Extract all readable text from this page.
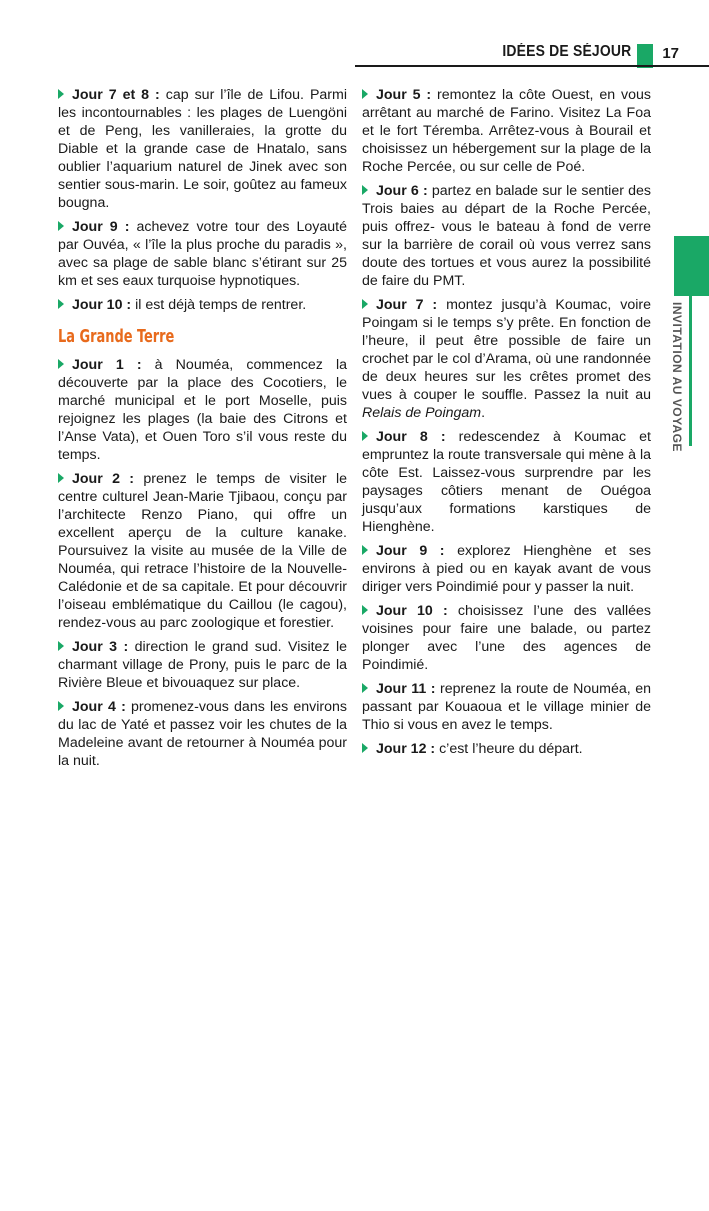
IDÉES DE SÉJOUR 17
INVITATION AU VOYAGE

Jour 7 et 8 : cap sur l’île de Lifou. Parmi les incontournables : les plages de Luengöni et de Peng, les vanilleraies, la grotte du Diable et la grande case de Hnatalo, sans oublier l’aquarium naturel de Jinek avec son sentier sous-marin. Le soir, goûtez au fameux bougna.

Jour 9 : achevez votre tour des Loyauté par Ouvéa, « l’île la plus proche du paradis », avec sa plage de sable blanc s’étirant sur 25 km et ses eaux turquoise hypnotiques.

Jour 10 : il est déjà temps de rentrer.

La Grande Terre

Jour 1 : à Nouméa, commencez la découverte par la place des Cocotiers, le marché municipal et le port Moselle, puis rejoignez les plages (la baie des Citrons et l’Anse Vata), et Ouen Toro s’il vous reste du temps.

Jour 2 : prenez le temps de visiter le centre culturel Jean-Marie Tjibaou, conçu par l’architecte Renzo Piano, qui offre un excellent aperçu de la culture kanake. Poursuivez la visite au musée de la Ville de Nouméa, qui retrace l’histoire de la Nouvelle-Calédonie et de sa capitale. Et pour découvrir l’oiseau emblématique du Caillou (le cagou), rendez-vous au parc zoologique et forestier.

Jour 3 : direction le grand sud. Visitez le charmant village de Prony, puis le parc de la Rivière Bleue et bivouaquez sur place.

Jour 4 : promenez-vous dans les environs du lac de Yaté et passez voir les chutes de la Madeleine avant de retourner à Nouméa pour la nuit.

Jour 5 : remontez la côte Ouest, en vous arrêtant au marché de Farino. Visitez La Foa et le fort Téremba. Arrêtez-vous à Bourail et choisissez un hébergement sur la plage de la Roche Percée, ou sur celle de Poé.

Jour 6 : partez en balade sur le sentier des Trois baies au départ de la Roche Percée, puis offrez- vous le bateau à fond de verre sur la barrière de corail où vous verrez sans doute des tortues et vous aurez la possibilité de faire du PMT.

Jour 7 : montez jusqu’à Koumac, voire Poingam si le temps s’y prête. En fonction de l’heure, il peut être possible de faire un crochet par le col d’Arama, où une randonnée de deux heures sur les crêtes promet des vues à couper le souffle. Passez la nuit au Relais de Poingam.

Jour 8 : redescendez à Koumac et empruntez la route transversale qui mène à la côte Est. Laissez-vous surprendre par les paysages côtiers menant de Ouégoa jusqu’aux formations karstiques de Hienghène.

Jour 9 : explorez Hienghène et ses environs à pied ou en kayak avant de vous diriger vers Poindimié pour y passer la nuit.

Jour 10 : choisissez l’une des vallées voisines pour faire une balade, ou partez plonger avec l’une des agences de Poindimié.

Jour 11 : reprenez la route de Nouméa, en passant par Kouaoua et le village minier de Thio si vous en avez le temps.

Jour 12 : c’est l’heure du départ.
